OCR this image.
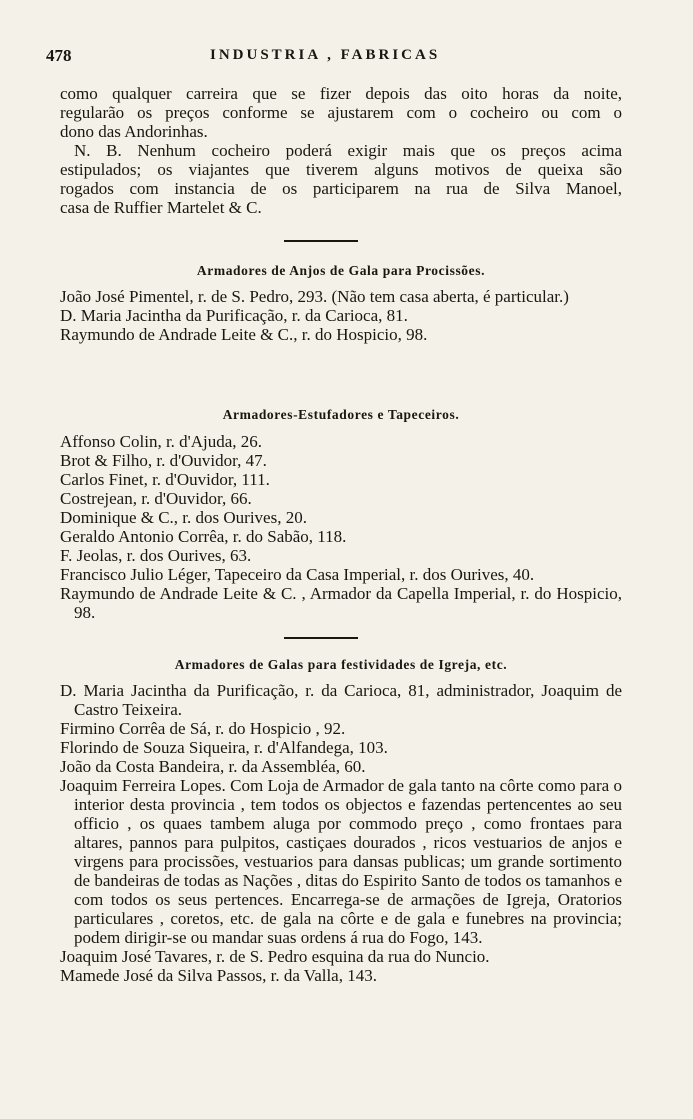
478	INDUSTRIA , FABRICAS
como qualquer carreira que se fizer depois das oito horas da noite,
regularão os preços conforme se ajustarem com o cocheiro ou com o
dono das Andorinhas.
N. B. Nenhum cocheiro poderá exigir mais que os preços acima
estipulados; os viajantes que tiverem alguns motivos de queixa são
rogados com instancia de os participarem na rua de Silva Manoel,
casa de Ruffier Martelet & C.
Armadores de Anjos de Gala para Procissões.
João José Pimentel, r. de S. Pedro, 293. (Não tem casa aberta, é particular.)
D. Maria Jacintha da Purificação, r. da Carioca, 81.
Raymundo de Andrade Leite & C., r. do Hospicio, 98.
Armadores-Estufadores e Tapeceiros.
Affonso Colin, r. d'Ajuda, 26.
Brot & Filho, r. d'Ouvidor, 47.
Carlos Finet, r. d'Ouvidor, 111.
Costrejean, r. d'Ouvidor, 66.
Dominique & C., r. dos Ourives, 20.
Geraldo Antonio Corrêa, r. do Sabão, 118.
F. Jeolas, r. dos Ourives, 63.
Francisco Julio Léger, Tapeceiro da Casa Imperial, r. dos Ourives, 40.
Raymundo de Andrade Leite & C. , Armador da Capella Imperial, r. do Hospicio, 98.
Armadores de Galas para festividades de Igreja, etc.
D. Maria Jacintha da Purificação, r. da Carioca, 81, administrador, Joaquim de Castro Teixeira.
Firmino Corrêa de Sá, r. do Hospicio , 92.
Florindo de Souza Siqueira, r. d'Alfandega, 103.
João da Costa Bandeira, r. da Assembléa, 60.
Joaquim Ferreira Lopes. Com Loja de Armador de gala tanto na côrte como para o interior desta provincia , tem todos os objectos e fazendas pertencentes ao seu officio , os quaes tambem aluga por commodo preço , como frontaes para altares, pannos para pulpitos, castiçaes dourados , ricos vestuarios de anjos e virgens para procissões, vestuarios para dansas publicas; um grande sortimento de bandeiras de todas as Nações , ditas do Espirito Santo de todos os tamanhos e com todos os seus pertences. Encarrega-se de armações de Igreja, Oratorios particulares , coretos, etc. de gala na côrte e de gala e funebres na provincia; podem dirigir-se ou mandar suas ordens á rua do Fogo, 143.
Joaquim José Tavares, r. de S. Pedro esquina da rua do Nuncio.
Mamede José da Silva Passos, r. da Valla, 143.
